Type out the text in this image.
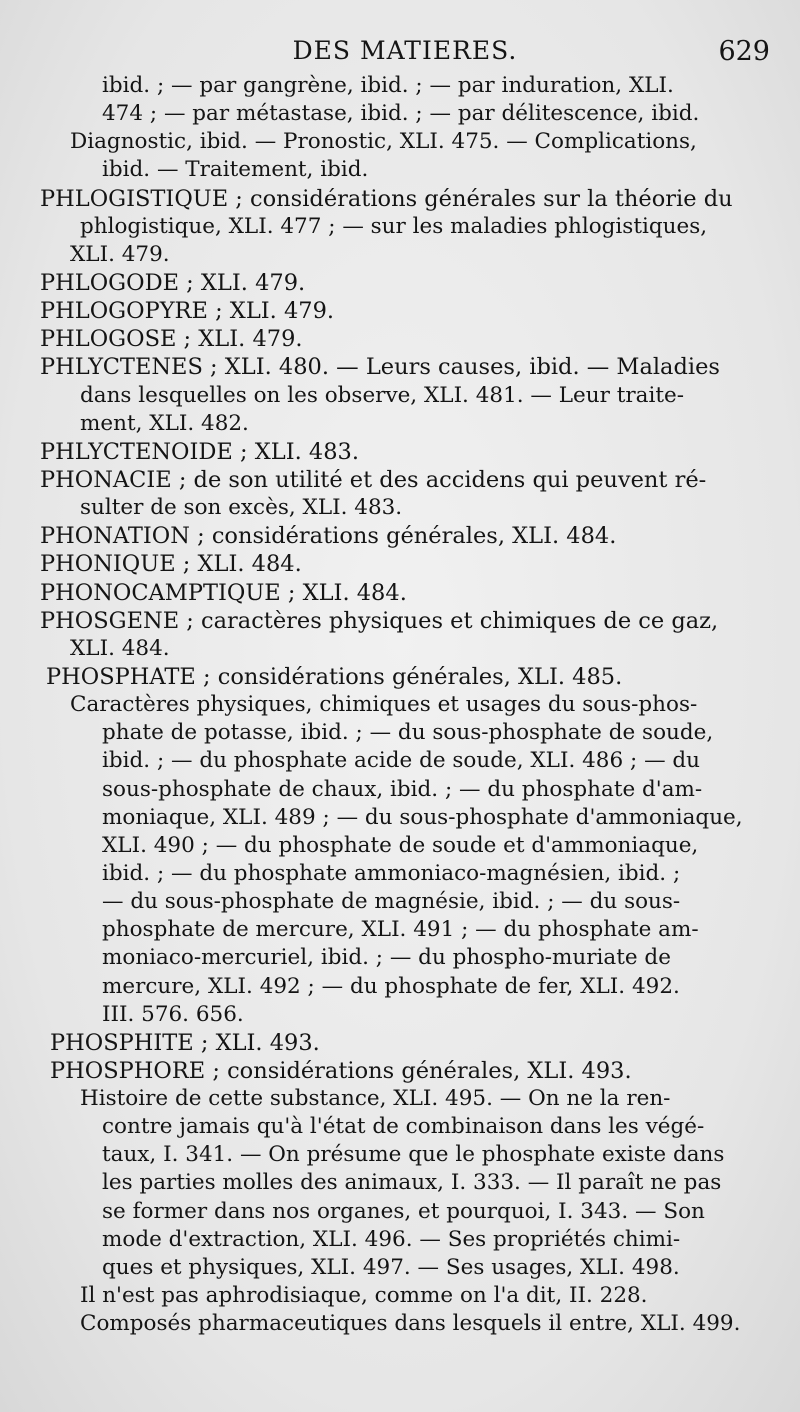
DES MATIERES.	629
ibid. ; — par gangrène, ibid. ; — par induration, XLI.
474 ; — par métastase, ibid. ; — par délitescence, ibid.
Diagnostic, ibid. — Pronostic, XLI. 475. — Complications,
ibid. — Traitement, ibid.
PHLOGISTIQUE ; considérations générales sur la théorie du
phlogistique, XLI. 477 ; — sur les maladies phlogistiques,
XLI. 479.
PHLOGODE ; XLI. 479.
PHLOGOPYRE ; XLI. 479.
PHLOGOSE ; XLI. 479.
PHLYCTENES ; XLI. 480. — Leurs causes, ibid. — Maladies
dans lesquelles on les observe, XLI. 481. — Leur traite-
ment, XLI. 482.
PHLYCTENOIDE ; XLI. 483.
PHONACIE ; de son utilité et des accidens qui peuvent ré-
sulter de son excès, XLI. 483.
PHONATION ; considérations générales, XLI. 484.
PHONIQUE ; XLI. 484.
PHONOCAMPTIQUE ; XLI. 484.
PHOSGENE ; caractères physiques et chimiques de ce gaz,
XLI. 484.
PHOSPHATE ; considérations générales, XLI. 485.
Caractères physiques, chimiques et usages du sous-phos-
phate de potasse, ibid. ; — du sous-phosphate de soude,
ibid. ; — du phosphate acide de soude, XLI. 486 ; — du
sous-phosphate de chaux, ibid. ; — du phosphate d'am-
moniaque, XLI. 489 ; — du sous-phosphate d'ammoniaque,
XLI. 490 ; — du phosphate de soude et d'ammoniaque,
ibid. ; — du phosphate ammoniaco-magnésien, ibid. ;
— du sous-phosphate de magnésie, ibid. ; — du sous-
phosphate de mercure, XLI. 491 ; — du phosphate am-
moniaco-mercuriel, ibid. ; — du phospho-muriate de
mercure, XLI. 492 ; — du phosphate de fer, XLI. 492.
III. 576. 656.
PHOSPHITE ; XLI. 493.
PHOSPHORE ; considérations générales, XLI. 493.
Histoire de cette substance, XLI. 495. — On ne la ren-
contre jamais qu'à l'état de combinaison dans les végé-
taux, I. 341. — On présume que le phosphate existe dans
les parties molles des animaux, I. 333. — Il paraît ne pas
se former dans nos organes, et pourquoi, I. 343. — Son
mode d'extraction, XLI. 496. — Ses propriétés chimi-
ques et physiques, XLI. 497. — Ses usages, XLI. 498.
Il n'est pas aphrodisiaque, comme on l'a dit, II. 228.
Composés pharmaceutiques dans lesquels il entre, XLI. 499.
